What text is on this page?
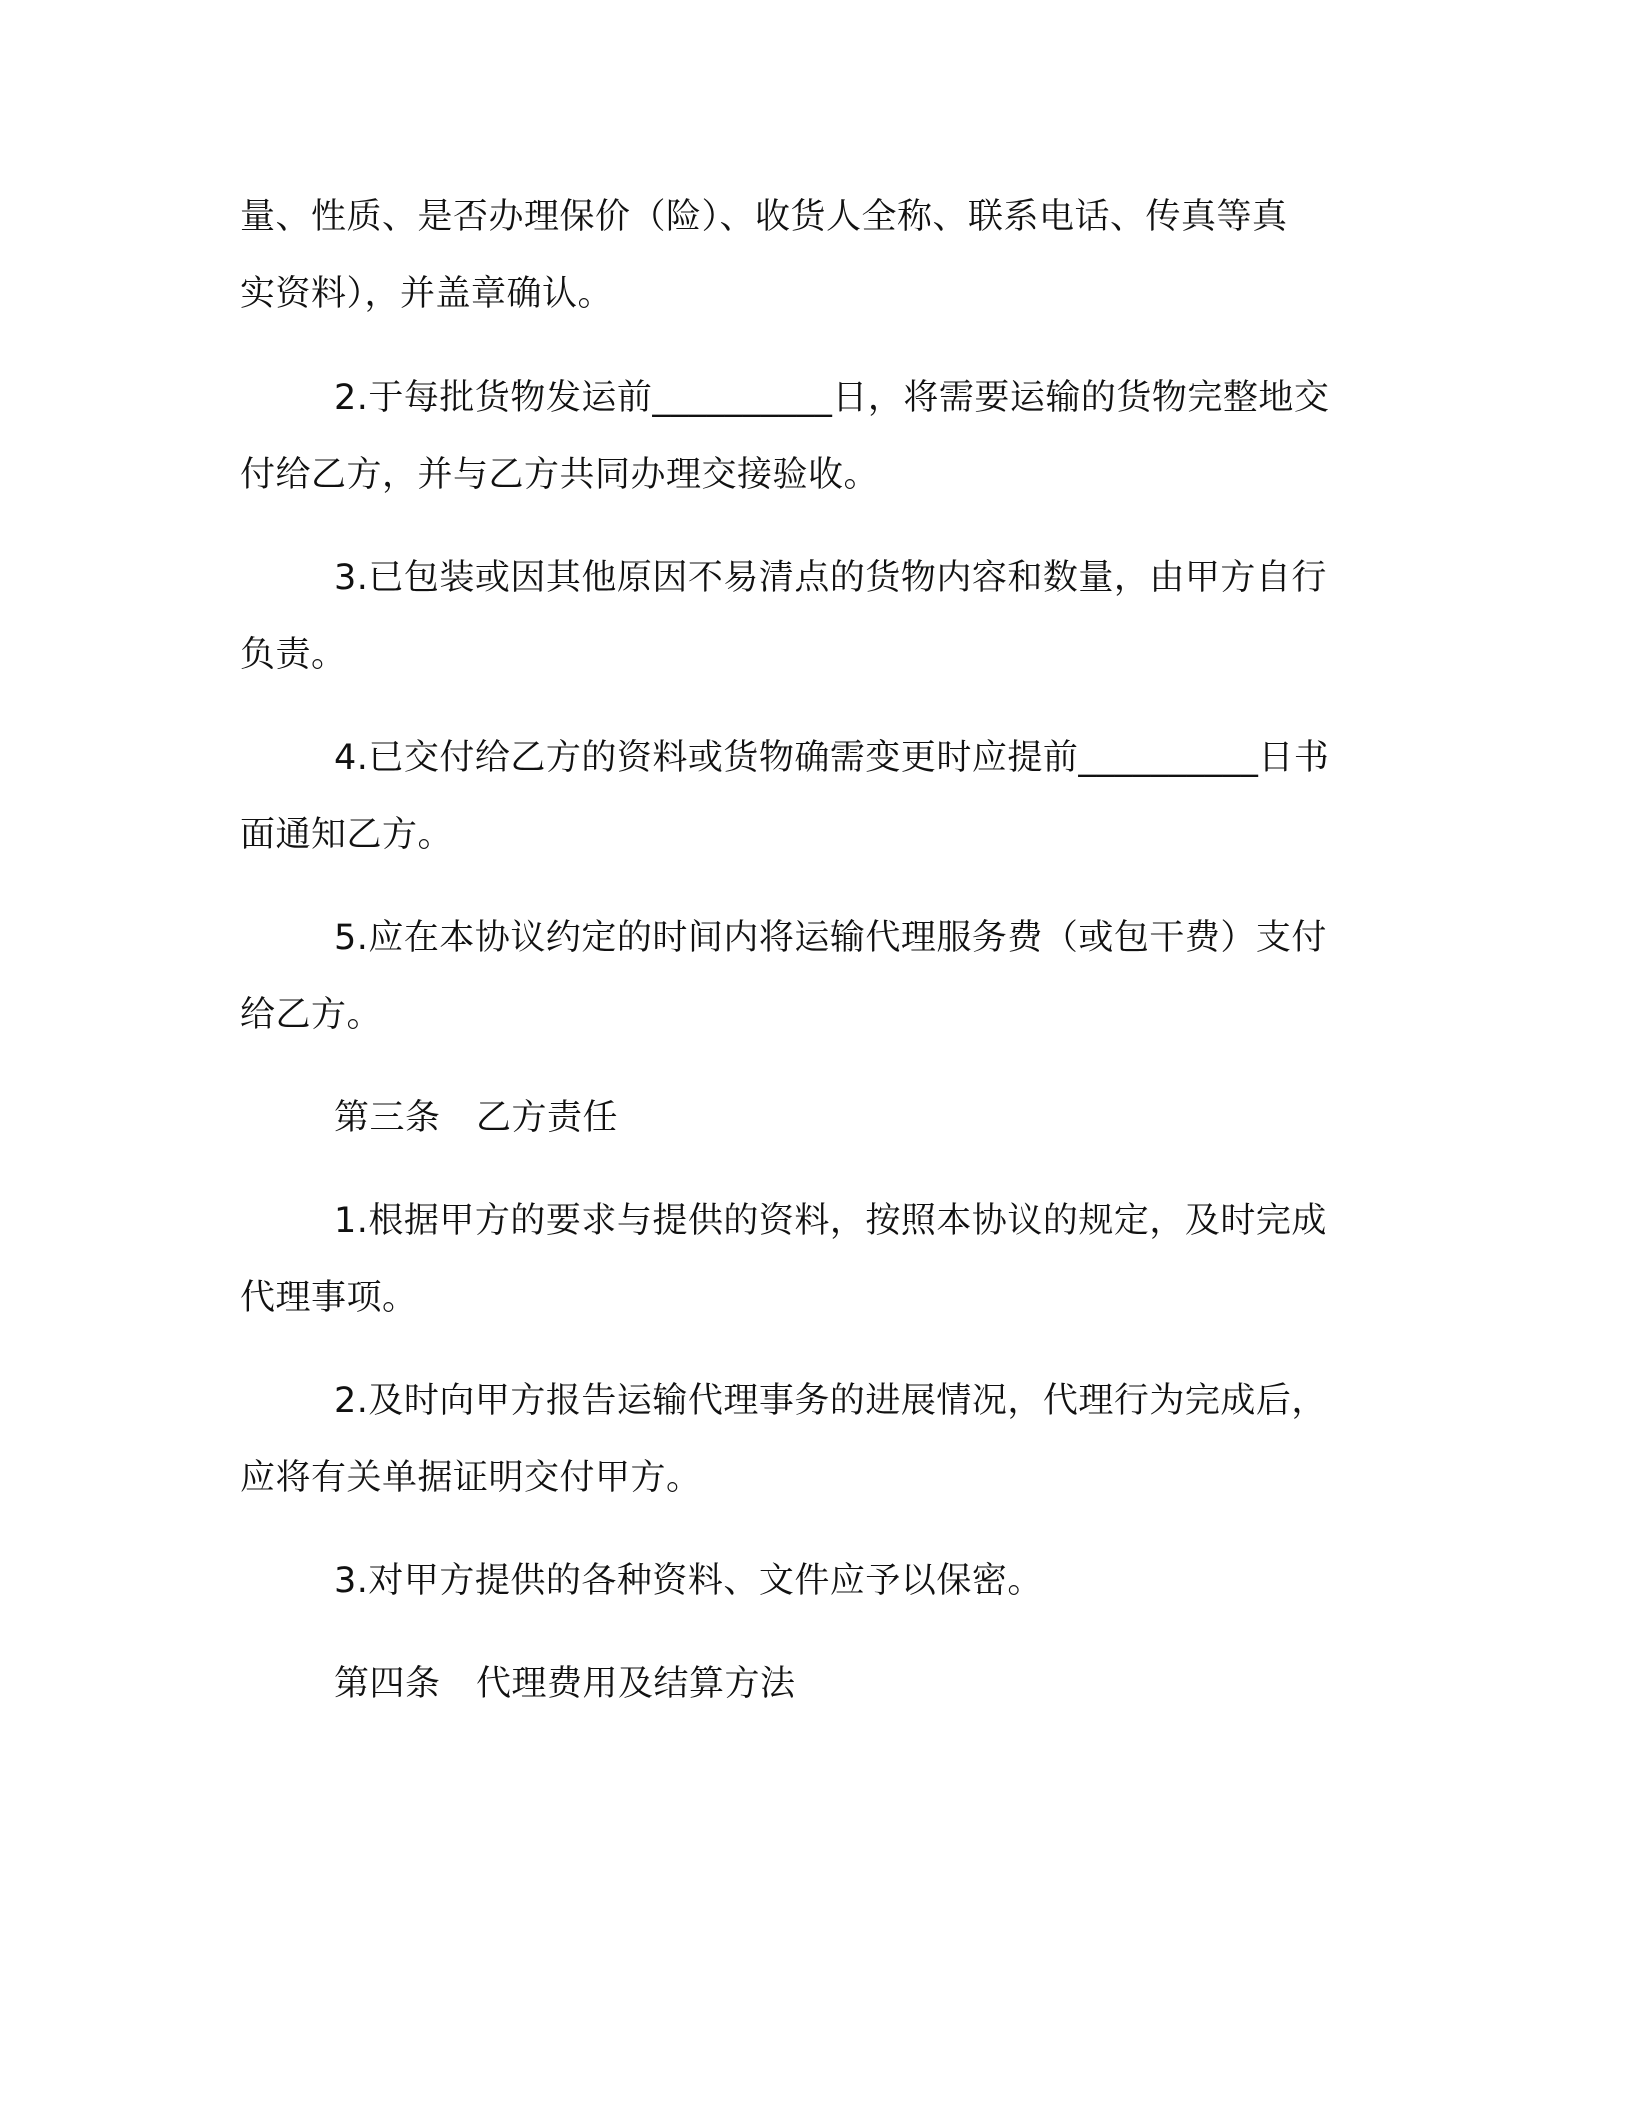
量、性质、是否办理保价（险）、收货人全称、联系电话、传真等真
实资料），并盖章确认。
2.于每批货物发运前__________日，将需要运输的货物完整地交
付给乙方，并与乙方共同办理交接验收。
3.已包装或因其他原因不易清点的货物内容和数量，由甲方自行
负责。
4.已交付给乙方的资料或货物确需变更时应提前__________日书
面通知乙方。
5.应在本协议约定的时间内将运输代理服务费（或包干费）支付
给乙方。
第三条　乙方责任
1.根据甲方的要求与提供的资料，按照本协议的规定，及时完成
代理事项。
2.及时向甲方报告运输代理事务的进展情况，代理行为完成后，
应将有关单据证明交付甲方。
3.对甲方提供的各种资料、文件应予以保密。
第四条　代理费用及结算方法
